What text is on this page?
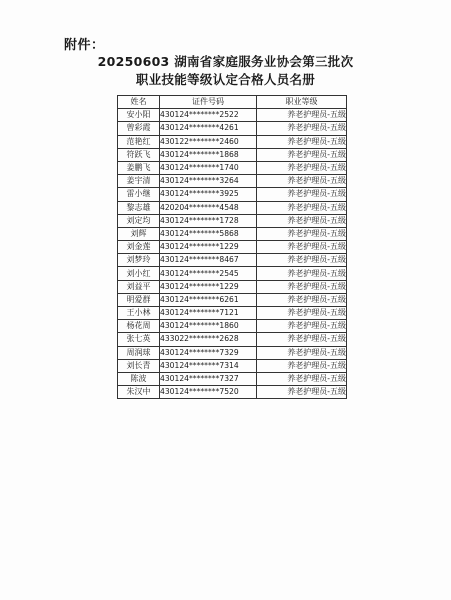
附件：
20250603 湖南省家庭服务业协会第三批次
职业技能等级认定合格人员名册
姓名	证件号码	职业等级
安小阳	430124********2522	养老护理员-五级
曾彩霞	430124********4261	养老护理员-五级
范艳红	430122********2460	养老护理员-五级
符跃飞	430124********1868	养老护理员-五级
姜鹏飞	430124********1740	养老护理员-五级
姜宇清	430124********3264	养老护理员-五级
雷小继	430124********3925	养老护理员-五级
黎志雄	420204********4548	养老护理员-五级
刘定均	430124********1728	养老护理员-五级
刘辉	430124********5868	养老护理员-五级
刘金莲	430124********1229	养老护理员-五级
刘梦玲	430124********8467	养老护理员-五级
刘小红	430124********2545	养老护理员-五级
刘益平	430124********1229	养老护理员-五级
明爱群	430124********6261	养老护理员-五级
王小林	430124********7121	养老护理员-五级
杨花周	430124********1860	养老护理员-五级
张七英	433022********2628	养老护理员-五级
周润球	430124********7329	养老护理员-五级
刘长青	430124********7314	养老护理员-五级
陈波	430124********7327	养老护理员-五级
朱汉中	430124********7520	养老护理员-五级
